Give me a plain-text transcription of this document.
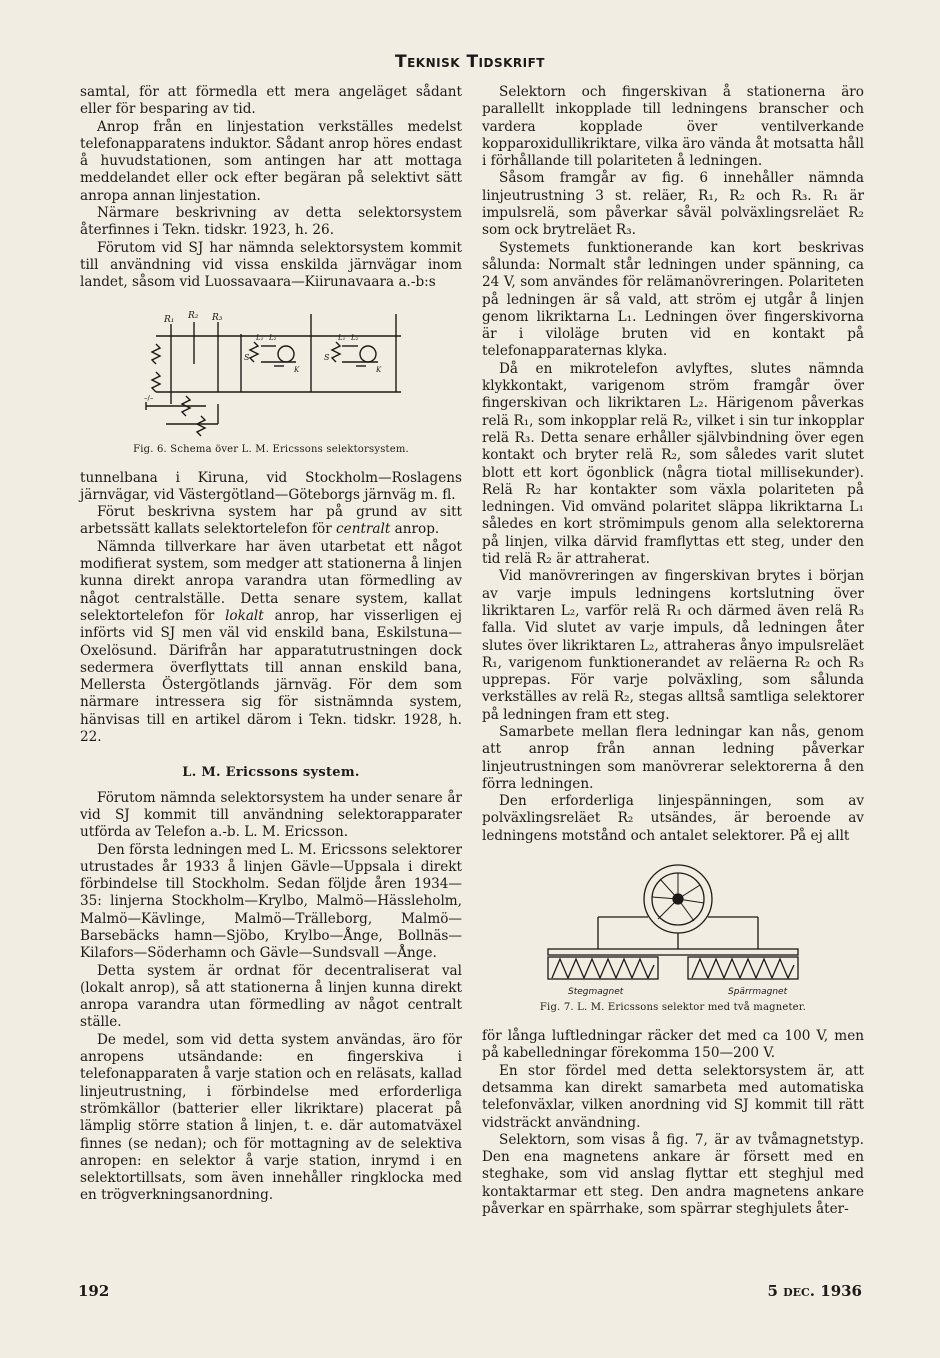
Teknisk Tidskrift

samtal, för att förmedla ett mera angeläget sådant eller för besparing av tid.

Anrop från en linjestation verkställes medelst telefonapparatens induktor. Sådant anrop höres endast å huvudstationen, som antingen har att mottaga meddelandet eller ock efter begäran på selektivt sätt anropa annan linjestation.

Närmare beskrivning av detta selektorsystem återfinnes i Tekn. tidskr. 1923, h. 26.

Förutom vid SJ har nämnda selektorsystem kommit till användning vid vissa enskilda järnvägar inom landet, såsom vid Luossavaara—Kiirunavaara a.-b:s

–/–
R₁ R₂ R₃
L₁ L₂	L₁ L₂
S	S
K	K
Fig. 6. Schema över L. M. Ericssons selektorsystem.

tunnelbana i Kiruna, vid Stockholm—Roslagens järnvägar, vid Västergötland—Göteborgs järnväg m. fl.

Förut beskrivna system har på grund av sitt arbetssätt kallats selektortelefon för centralt anrop.

Nämnda tillverkare har även utarbetat ett något modifierat system, som medger att stationerna å linjen kunna direkt anropa varandra utan förmedling av något centralställe. Detta senare system, kallat selektortelefon för lokalt anrop, har visserligen ej införts vid SJ men väl vid enskild bana, Eskilstuna—Oxelösund. Därifrån har apparatutrustningen dock sedermera överflyttats till annan enskild bana, Mellersta Östergötlands järnväg. För dem som närmare intressera sig för sistnämnda system, hänvisas till en artikel därom i Tekn. tidskr. 1928, h. 22.

L. M. Ericssons system.

Förutom nämnda selektorsystem ha under senare år vid SJ kommit till användning selektorapparater utförda av Telefon a.-b. L. M. Ericsson.

Den första ledningen med L. M. Ericssons selektorer utrustades år 1933 å linjen Gävle—Uppsala i direkt förbindelse till Stockholm. Sedan följde åren 1934—35: linjerna Stockholm—Krylbo, Malmö—Hässleholm, Malmö—Kävlinge, Malmö—Trälleborg, Malmö—Barsebäcks hamn—Sjöbo, Krylbo—Ånge, Bollnäs—Kilafors—Söderhamn och Gävle—Sundsvall —Ånge.

Detta system är ordnat för decentraliserat val (lokalt anrop), så att stationerna å linjen kunna direkt anropa varandra utan förmedling av något centralt ställe.

De medel, som vid detta system användas, äro för anropens utsändande: en fingerskiva i telefonapparaten å varje station och en reläsats, kallad linjeutrustning, i förbindelse med erforderliga strömkällor (batterier eller likriktare) placerat på lämplig större station å linjen, t. e. där automatväxel finnes (se nedan); och för mottagning av de selektiva anropen: en selektor å varje station, inrymd i en selektortillsats, som även innehåller ringklocka med en trögverkningsanordning.

Selektorn och fingerskivan å stationerna äro parallellt inkopplade till ledningens branscher och vardera kopplade över ventilverkande kopparoxidullikriktare, vilka äro vända åt motsatta håll i förhållande till polariteten å ledningen.

Såsom framgår av fig. 6 innehåller nämnda linjeutrustning 3 st. reläer, R₁, R₂ och R₃. R₁ är impulsrelä, som påverkar såväl polväxlingsreläet R₂ som ock brytreläet R₃.

Systemets funktionerande kan kort beskrivas sålunda: Normalt står ledningen under spänning, ca 24 V, som användes för relämanövreringen. Polariteten på ledningen är så vald, att ström ej utgår å linjen genom likriktarna L₁. Ledningen över fingerskivorna är i viloläge bruten vid en kontakt på telefonapparaternas klyka.

Då en mikrotelefon avlyftes, slutes nämnda klykkontakt, varigenom ström framgår över fingerskivan och likriktaren L₂. Härigenom påverkas relä R₁, som inkopplar relä R₂, vilket i sin tur inkopplar relä R₃. Detta senare erhåller självbindning över egen kontakt och bryter relä R₂, som således varit slutet blott ett kort ögonblick (några tiotal millisekunder). Relä R₂ har kontakter som växla polariteten på ledningen. Vid omvänd polaritet släppa likriktarna L₁ således en kort strömimpuls genom alla selektorerna på linjen, vilka därvid framflyttas ett steg, under den tid relä R₂ är attraherat.

Vid manövreringen av fingerskivan brytes i början av varje impuls ledningens kortslutning över likriktaren L₂, varför relä R₁ och därmed även relä R₃ falla. Vid slutet av varje impuls, då ledningen åter slutes över likriktaren L₂, attraheras ånyo impulsreläet R₁, varigenom funktionerandet av reläerna R₂ och R₃ upprepas. För varje polväxling, som sålunda verkställes av relä R₂, stegas alltså samtliga selektorer på ledningen fram ett steg.

Samarbete mellan flera ledningar kan nås, genom att anrop från annan ledning påverkar linjeutrustningen som manövrerar selektorerna å den förra ledningen.

Den erforderliga linjespänningen, som av polväxlingsreläet R₂ utsändes, är beroende av ledningens motstånd och antalet selektorer. På ej allt

Stegmagnet	Spärrmagnet
Fig. 7. L. M. Ericssons selektor med två magneter.

för långa luftledningar räcker det med ca 100 V, men på kabelledningar förekomma 150—200 V.

En stor fördel med detta selektorsystem är, att detsamma kan direkt samarbeta med automatiska telefonväxlar, vilken anordning vid SJ kommit till rätt vidsträckt användning.

Selektorn, som visas å fig. 7, är av tvåmagnetstyp. Den ena magnetens ankare är försett med en steghake, som vid anslag flyttar ett steghjul med kontaktarmar ett steg. Den andra magnetens ankare påverkar en spärrhake, som spärrar steghjulets åter-

192	5 dec. 1936
